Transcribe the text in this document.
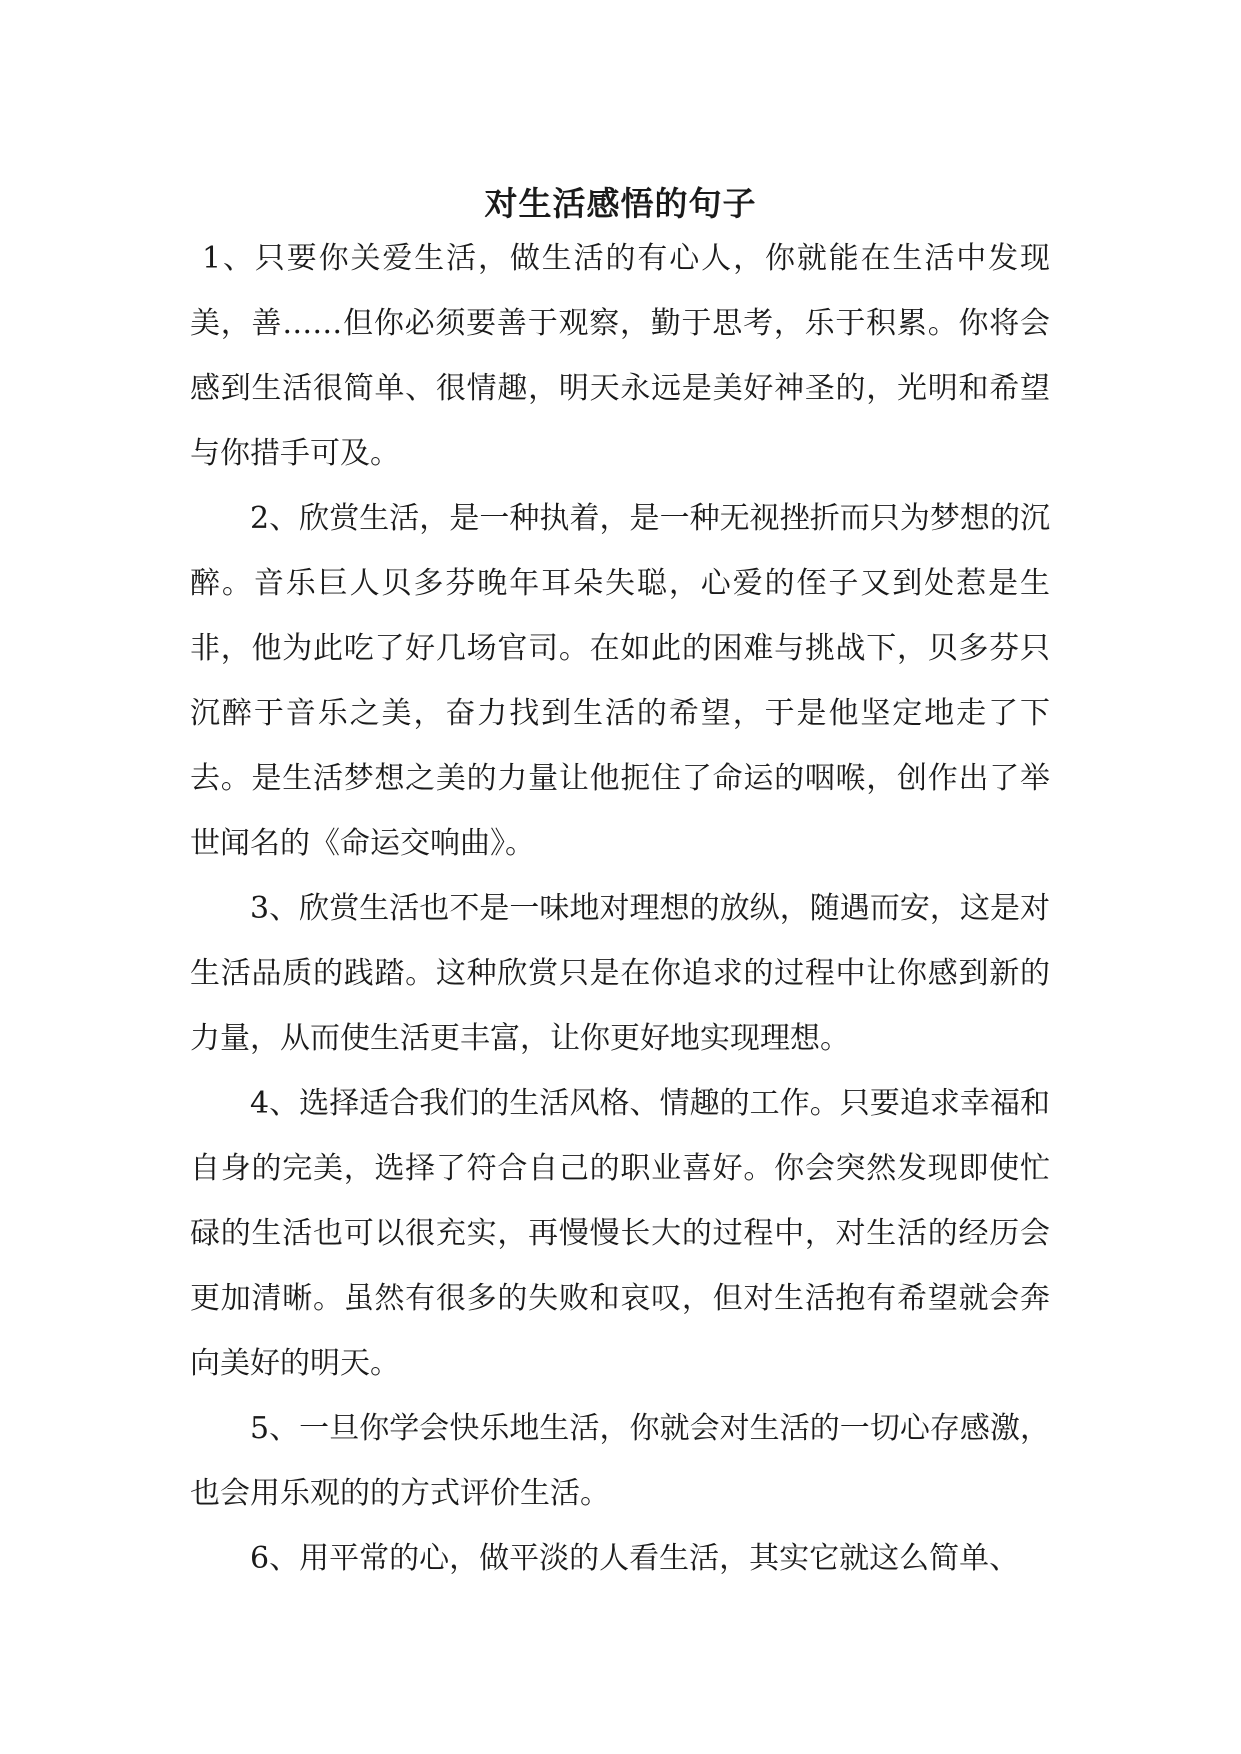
对生活感悟的句子

1、只要你关爱生活，做生活的有心人，你就能在生活中发现美，善……但你必须要善于观察，勤于思考，乐于积累。你将会感到生活很简单、很情趣，明天永远是美好神圣的，光明和希望与你措手可及。

2、欣赏生活，是一种执着，是一种无视挫折而只为梦想的沉醉。音乐巨人贝多芬晚年耳朵失聪，心爱的侄子又到处惹是生非，他为此吃了好几场官司。在如此的困难与挑战下，贝多芬只沉醉于音乐之美，奋力找到生活的希望，于是他坚定地走了下去。是生活梦想之美的力量让他扼住了命运的咽喉，创作出了举世闻名的《命运交响曲》。

3、欣赏生活也不是一味地对理想的放纵，随遇而安，这是对生活品质的践踏。这种欣赏只是在你追求的过程中让你感到新的力量，从而使生活更丰富，让你更好地实现理想。

4、选择适合我们的生活风格、情趣的工作。只要追求幸福和自身的完美，选择了符合自己的职业喜好。你会突然发现即使忙碌的生活也可以很充实，再慢慢长大的过程中，对生活的经历会更加清晰。虽然有很多的失败和哀叹，但对生活抱有希望就会奔向美好的明天。

5、一旦你学会快乐地生活，你就会对生活的一切心存感激，也会用乐观的的方式评价生活。

6、用平常的心，做平淡的人看生活，其实它就这么简单、
